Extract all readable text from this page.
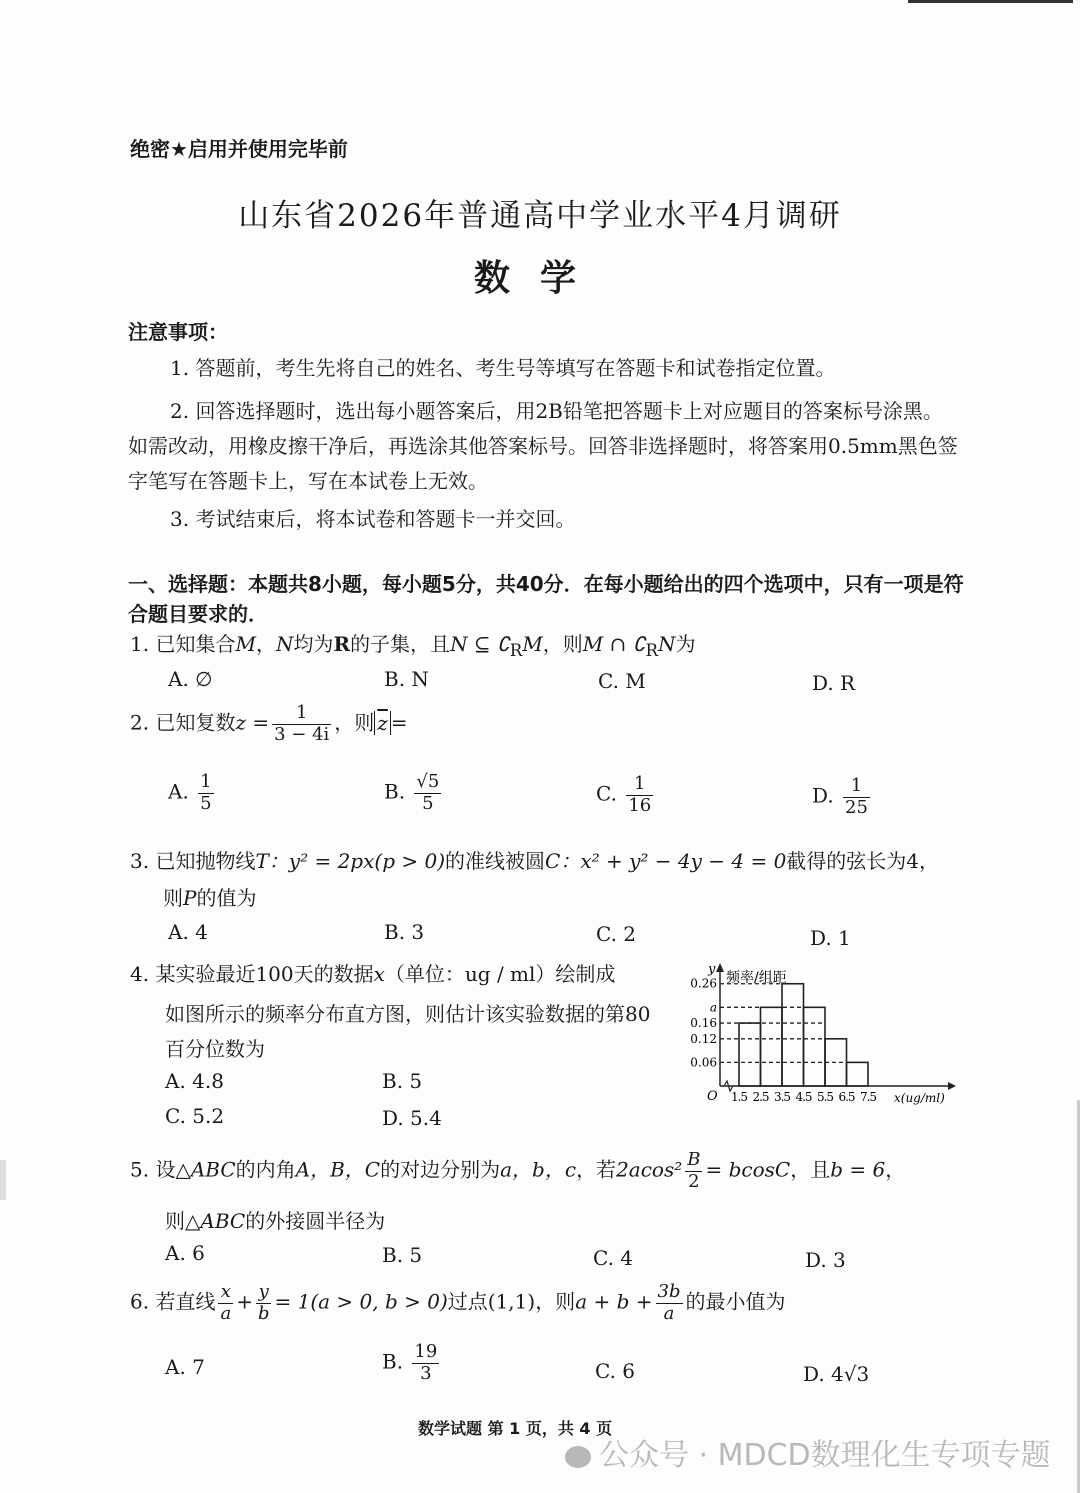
绝密★启用并使用完毕前
山东省2026年普通高中学业水平4月调研
数学
注意事项：
1. 答题前，考生先将自己的姓名、考生号等填写在答题卡和试卷指定位置。
2. 回答选择题时，选出每小题答案后，用2B铅笔把答题卡上对应题目的答案标号涂黑。
如需改动，用橡皮擦干净后，再选涂其他答案标号。回答非选择题时，将答案用0.5mm黑色签
字笔写在答题卡上，写在本试卷上无效。
3. 考试结束后，将本试卷和答题卡一并交回。
一、选择题：本题共8小题，每小题5分，共40分．在每小题给出的四个选项中，只有一项是符合题目要求的．
1. 已知集合M，N均为R的子集，且N ⊆ $∁_RM$，则M ∩ $∁_RN$为
A. ∅	B. N	C. M	D. R
2. 已知复数$z = \frac{1}{3 - 4i}$ ，则 $\overline{z}$ =
A. $\frac{1}{5}$	B. $\frac{√5}{5}$	C. $\frac{1}{16}$	D. $\frac{1}{25}$
3. 已知抛物线T：y² = 2px(p > 0)的准线被圆C：x² + y² − 4y − 4 = 0截得的弦长为4，
则P的值为
A. 4	B. 3	C. 2	D. 1
4. 某实验最近100天的数据x（单位：ug / ml）绘制成
如图所示的频率分布直方图，则估计该实验数据的第80
百分位数为
A. 4.8	B. 5
C. 5.2	D. 5.4
0.26
a
0.16
0.12
0.06
y
频率/组距
O 1.5 2.5 3.5 4.5 5.5 6.5 7.5 x(ug/ml)
5. 设△ABC的内角A，B，C的对边分别为a，b，c，若$2acos^2 \frac{B}{2} = bcosC$，且b = 6，
则△ABC的外接圆半径为
A. 6	B. 5	C. 4	D. 3
6. 若直线 $\frac{x}{a} + \frac{y}{b} = 1(a > 0$, b > 0)过点(1,1)，则$a + b + \frac{3b}{a}$ 的最小值为
A. 7	B. $\frac{19}{3}$	C. 6	D. 4√3
数学试题 第 1 页，共 4 页
公众号 · MDCD数理化生专项专题
